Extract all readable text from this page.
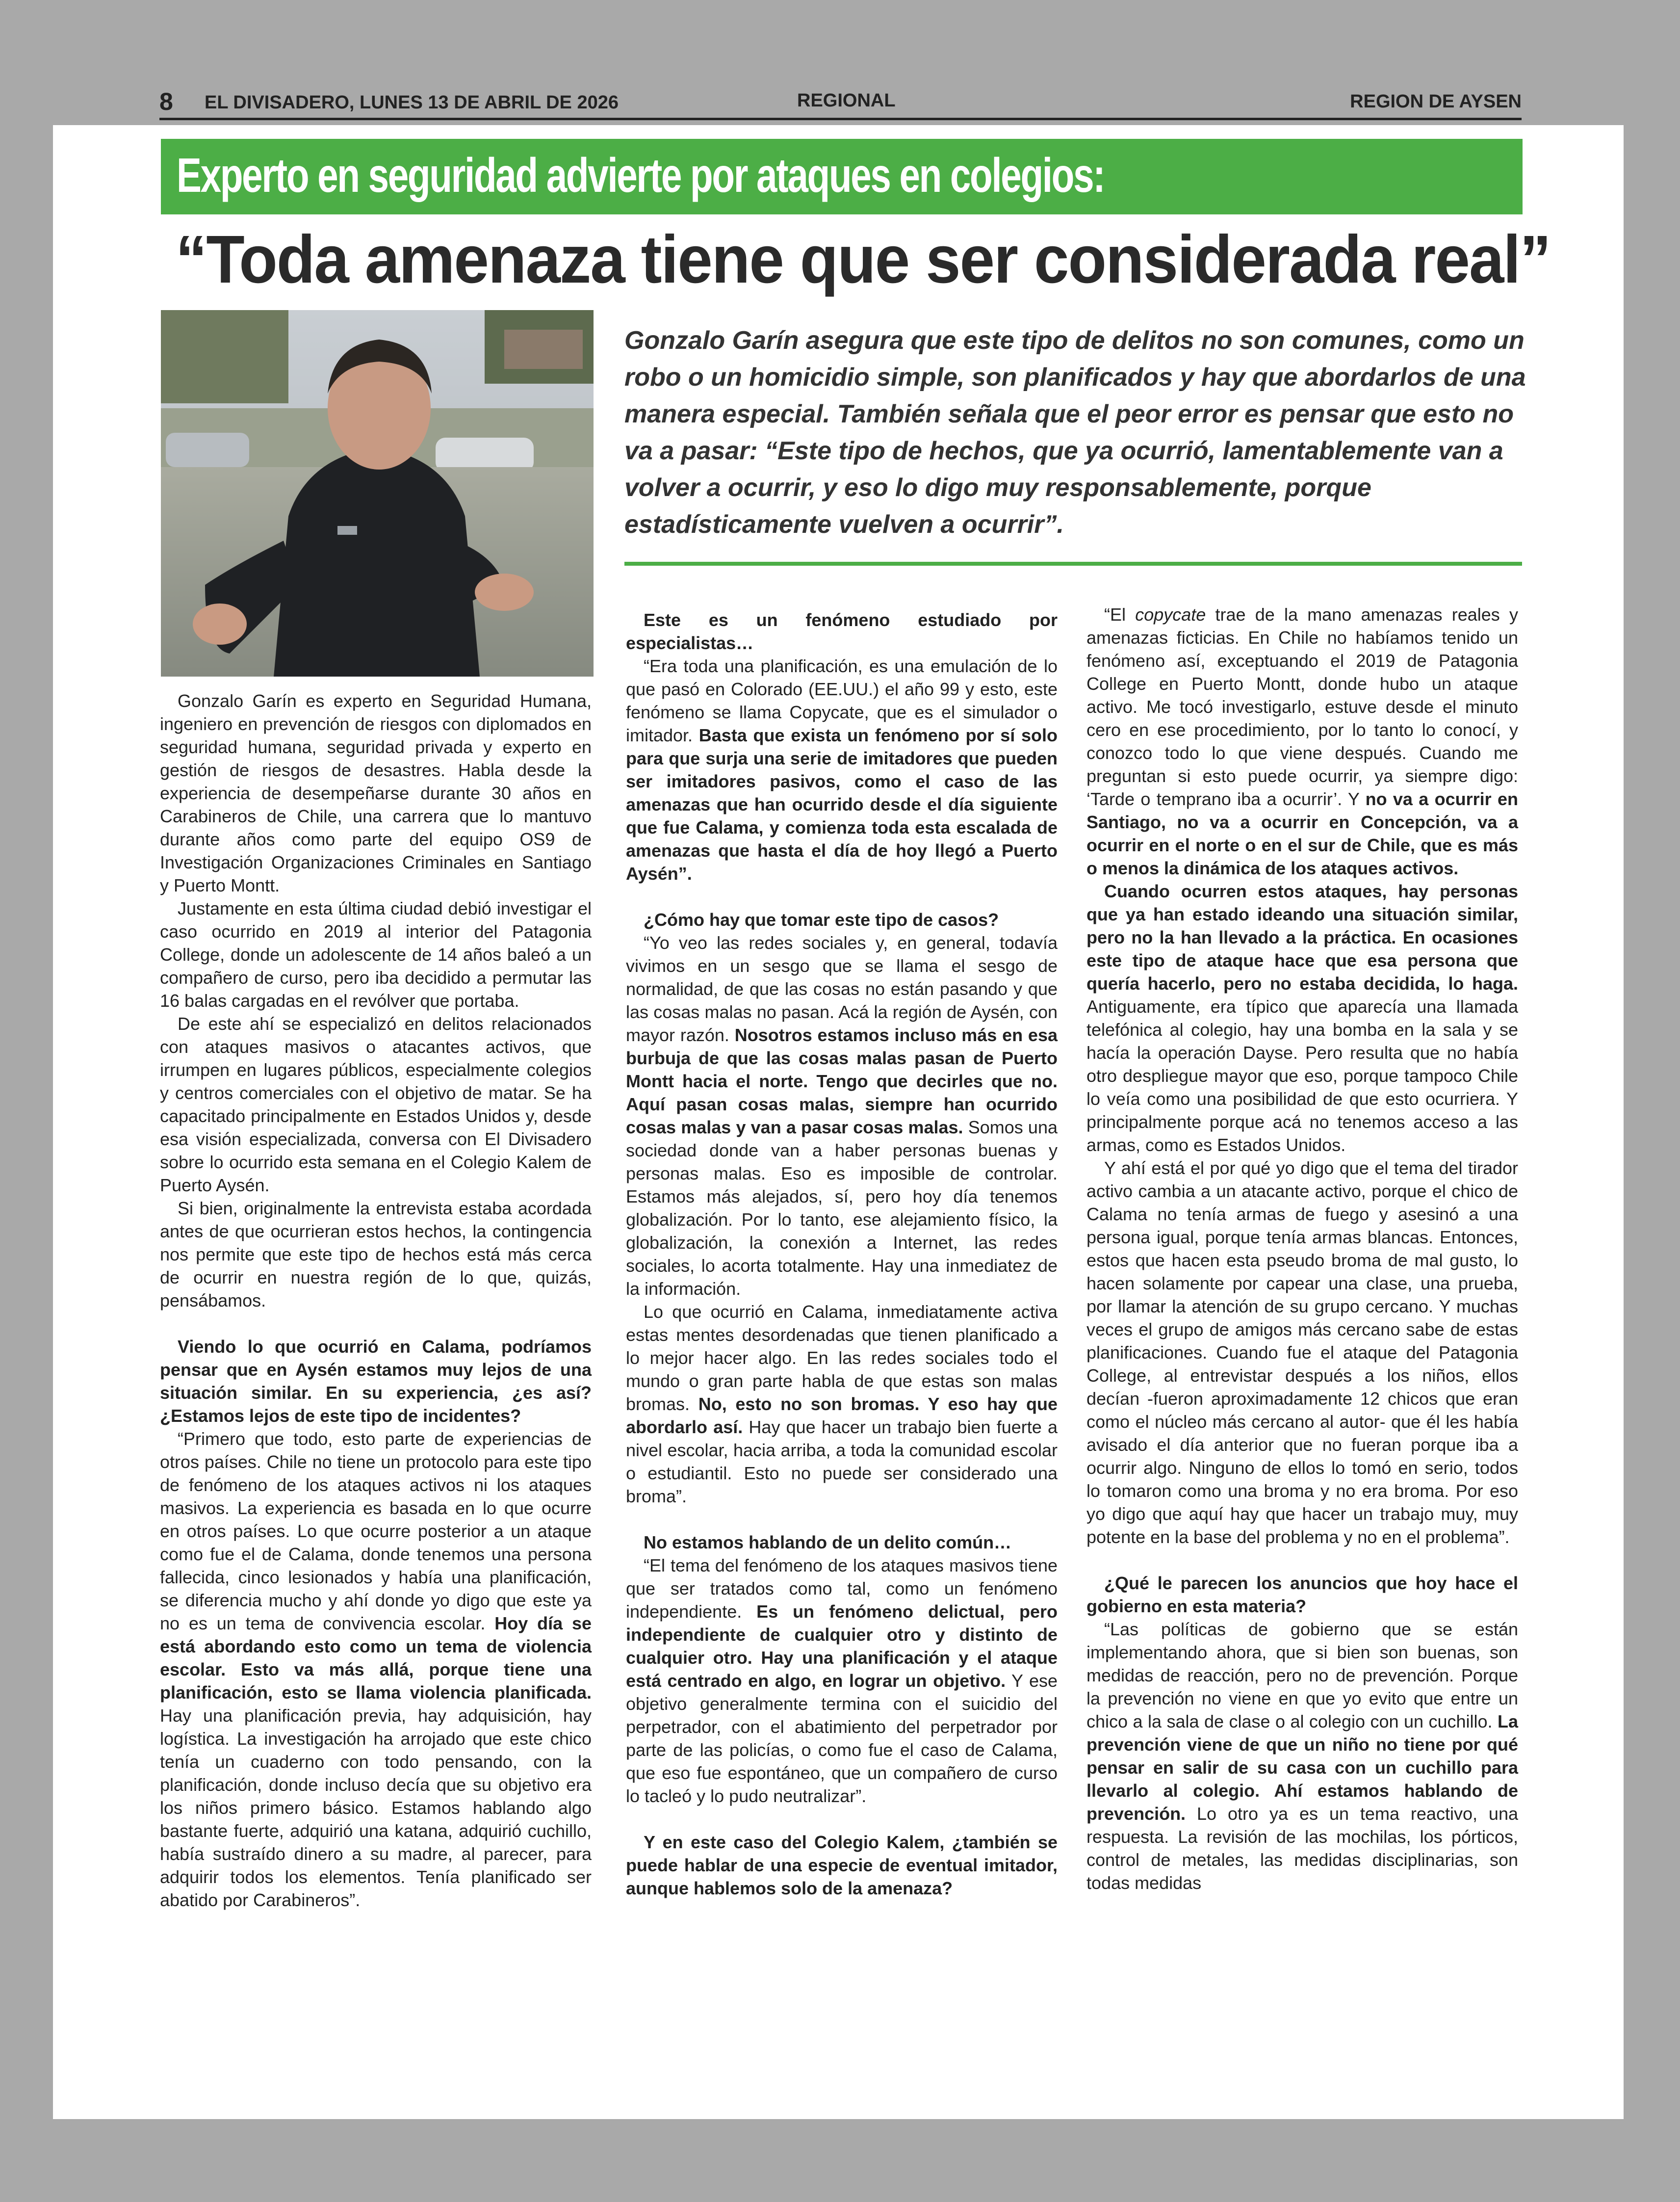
8 EL DIVISADERO, LUNES 13 DE ABRIL DE 2026	REGIONAL	REGION DE AYSEN
Experto en seguridad advierte por ataques en colegios:
“Toda amenaza tiene que ser considerada real”
Gonzalo Garín asegura que este tipo de delitos no son comunes, como un robo o un homicidio simple, son planificados y hay que abordarlos de una manera especial. También señala que el peor error es pensar que esto no va a pasar: “Este tipo de hechos, que ya ocurrió, lamentablemente van a volver a ocurrir, y eso lo digo muy responsablemente, porque estadísticamente vuelven a ocurrir”.

Gonzalo Garín es experto en Seguridad Humana, ingeniero en prevención de riesgos con diplomados en seguridad humana, seguridad privada y experto en gestión de riesgos de desastres. Habla desde la experiencia de desempeñarse durante 30 años en Carabineros de Chile, una carrera que lo mantuvo durante años como parte del equipo OS9 de Investigación Organizaciones Criminales en Santiago y Puerto Montt.

Justamente en esta última ciudad debió investigar el caso ocurrido en 2019 al interior del Patagonia College, donde un adolescente de 14 años baleó a un compañero de curso, pero iba decidido a permutar las 16 balas cargadas en el revólver que portaba.

De este ahí se especializó en delitos relacionados con ataques masivos o atacantes activos, que irrumpen en lugares públicos, especialmente colegios y centros comerciales con el objetivo de matar. Se ha capacitado principalmente en Estados Unidos y, desde esa visión especializada, conversa con El Divisadero sobre lo ocurrido esta semana en el Colegio Kalem de Puerto Aysén.

Si bien, originalmente la entrevista estaba acordada antes de que ocurrieran estos hechos, la contingencia nos permite que este tipo de hechos está más cerca de ocurrir en nuestra región de lo que, quizás, pensábamos.

Viendo lo que ocurrió en Calama, podríamos pensar que en Aysén estamos muy lejos de una situación similar. En su experiencia, ¿es así? ¿Estamos lejos de este tipo de incidentes?

“Primero que todo, esto parte de experiencias de otros países. Chile no tiene un protocolo para este tipo de fenómeno de los ataques activos ni los ataques masivos. La experiencia es basada en lo que ocurre en otros países. Lo que ocurre posterior a un ataque como fue el de Calama, donde tenemos una persona fallecida, cinco lesionados y había una planificación, se diferencia mucho y ahí donde yo digo que este ya no es un tema de convivencia escolar. Hoy día se está abordando esto como un tema de violencia escolar. Esto va más allá, porque tiene una planificación, esto se llama violencia planificada. Hay una planificación previa, hay adquisición, hay logística. La investigación ha arrojado que este chico tenía un cuaderno con todo pensando, con la planificación, donde incluso decía que su objetivo era los niños primero básico. Estamos hablando algo bastante fuerte, adquirió una katana, adquirió cuchillo, había sustraído dinero a su madre, al parecer, para adquirir todos los elementos. Tenía planificado ser abatido por Carabineros”.

Este es un fenómeno estudiado por especialistas…

“Era toda una planificación, es una emulación de lo que pasó en Colorado (EE.UU.) el año 99 y esto, este fenómeno se llama Copycate, que es el simulador o imitador. Basta que exista un fenómeno por sí solo para que surja una serie de imitadores que pueden ser imitadores pasivos, como el caso de las amenazas que han ocurrido desde el día siguiente que fue Calama, y comienza toda esta escalada de amenazas que hasta el día de hoy llegó a Puerto Aysén”.

¿Cómo hay que tomar este tipo de casos?

“Yo veo las redes sociales y, en general, todavía vivimos en un sesgo que se llama el sesgo de normalidad, de que las cosas no están pasando y que las cosas malas no pasan. Acá la región de Aysén, con mayor razón. Nosotros estamos incluso más en esa burbuja de que las cosas malas pasan de Puerto Montt hacia el norte. Tengo que decirles que no. Aquí pasan cosas malas, siempre han ocurrido cosas malas y van a pasar cosas malas. Somos una sociedad donde van a haber personas buenas y personas malas. Eso es imposible de controlar. Estamos más alejados, sí, pero hoy día tenemos globalización. Por lo tanto, ese alejamiento físico, la globalización, la conexión a Internet, las redes sociales, lo acorta totalmente. Hay una inmediatez de la información.

Lo que ocurrió en Calama, inmediatamente activa estas mentes desordenadas que tienen planificado a lo mejor hacer algo. En las redes sociales todo el mundo o gran parte habla de que estas son malas bromas. No, esto no son bromas. Y eso hay que abordarlo así. Hay que hacer un trabajo bien fuerte a nivel escolar, hacia arriba, a toda la comunidad escolar o estudiantil. Esto no puede ser considerado una broma”.

No estamos hablando de un delito común…

“El tema del fenómeno de los ataques masivos tiene que ser tratados como tal, como un fenómeno independiente. Es un fenómeno delictual, pero independiente de cualquier otro y distinto de cualquier otro. Hay una planificación y el ataque está centrado en algo, en lograr un objetivo. Y ese objetivo generalmente termina con el suicidio del perpetrador, con el abatimiento del perpetrador por parte de las policías, o como fue el caso de Calama, que eso fue espontáneo, que un compañero de curso lo tacleó y lo pudo neutralizar”.

Y en este caso del Colegio Kalem, ¿también se puede hablar de una especie de eventual imitador, aunque hablemos solo de la amenaza?

“El copycate trae de la mano amenazas reales y amenazas ficticias. En Chile no habíamos tenido un fenómeno así, exceptuando el 2019 de Patagonia College en Puerto Montt, donde hubo un ataque activo. Me tocó investigarlo, estuve desde el minuto cero en ese procedimiento, por lo tanto lo conocí, y conozco todo lo que viene después. Cuando me preguntan si esto puede ocurrir, ya siempre digo: ‘Tarde o temprano iba a ocurrir’. Y no va a ocurrir en Santiago, no va a ocurrir en Concepción, va a ocurrir en el norte o en el sur de Chile, que es más o menos la dinámica de los ataques activos.

Cuando ocurren estos ataques, hay personas que ya han estado ideando una situación similar, pero no la han llevado a la práctica. En ocasiones este tipo de ataque hace que esa persona que quería hacerlo, pero no estaba decidida, lo haga. Antiguamente, era típico que aparecía una llamada telefónica al colegio, hay una bomba en la sala y se hacía la operación Dayse. Pero resulta que no había otro despliegue mayor que eso, porque tampoco Chile lo veía como una posibilidad de que esto ocurriera. Y principalmente porque acá no tenemos acceso a las armas, como es Estados Unidos.

Y ahí está el por qué yo digo que el tema del tirador activo cambia a un atacante activo, porque el chico de Calama no tenía armas de fuego y asesinó a una persona igual, porque tenía armas blancas. Entonces, estos que hacen esta pseudo broma de mal gusto, lo hacen solamente por capear una clase, una prueba, por llamar la atención de su grupo cercano. Y muchas veces el grupo de amigos más cercano sabe de estas planificaciones. Cuando fue el ataque del Patagonia College, al entrevistar después a los niños, ellos decían -fueron aproximadamente 12 chicos que eran como el núcleo más cercano al autor- que él les había avisado el día anterior que no fueran porque iba a ocurrir algo. Ninguno de ellos lo tomó en serio, todos lo tomaron como una broma y no era broma. Por eso yo digo que aquí hay que hacer un trabajo muy, muy potente en la base del problema y no en el problema”.

¿Qué le parecen los anuncios que hoy hace el gobierno en esta materia?

“Las políticas de gobierno que se están implementando ahora, que si bien son buenas, son medidas de reacción, pero no de prevención. Porque la prevención no viene en que yo evito que entre un chico a la sala de clase o al colegio con un cuchillo. La prevención viene de que un niño no tiene por qué pensar en salir de su casa con un cuchillo para llevarlo al colegio. Ahí estamos hablando de prevención. Lo otro ya es un tema reactivo, una respuesta. La revisión de las mochilas, los pórticos, control de metales, las medidas disciplinarias, son todas medidas
